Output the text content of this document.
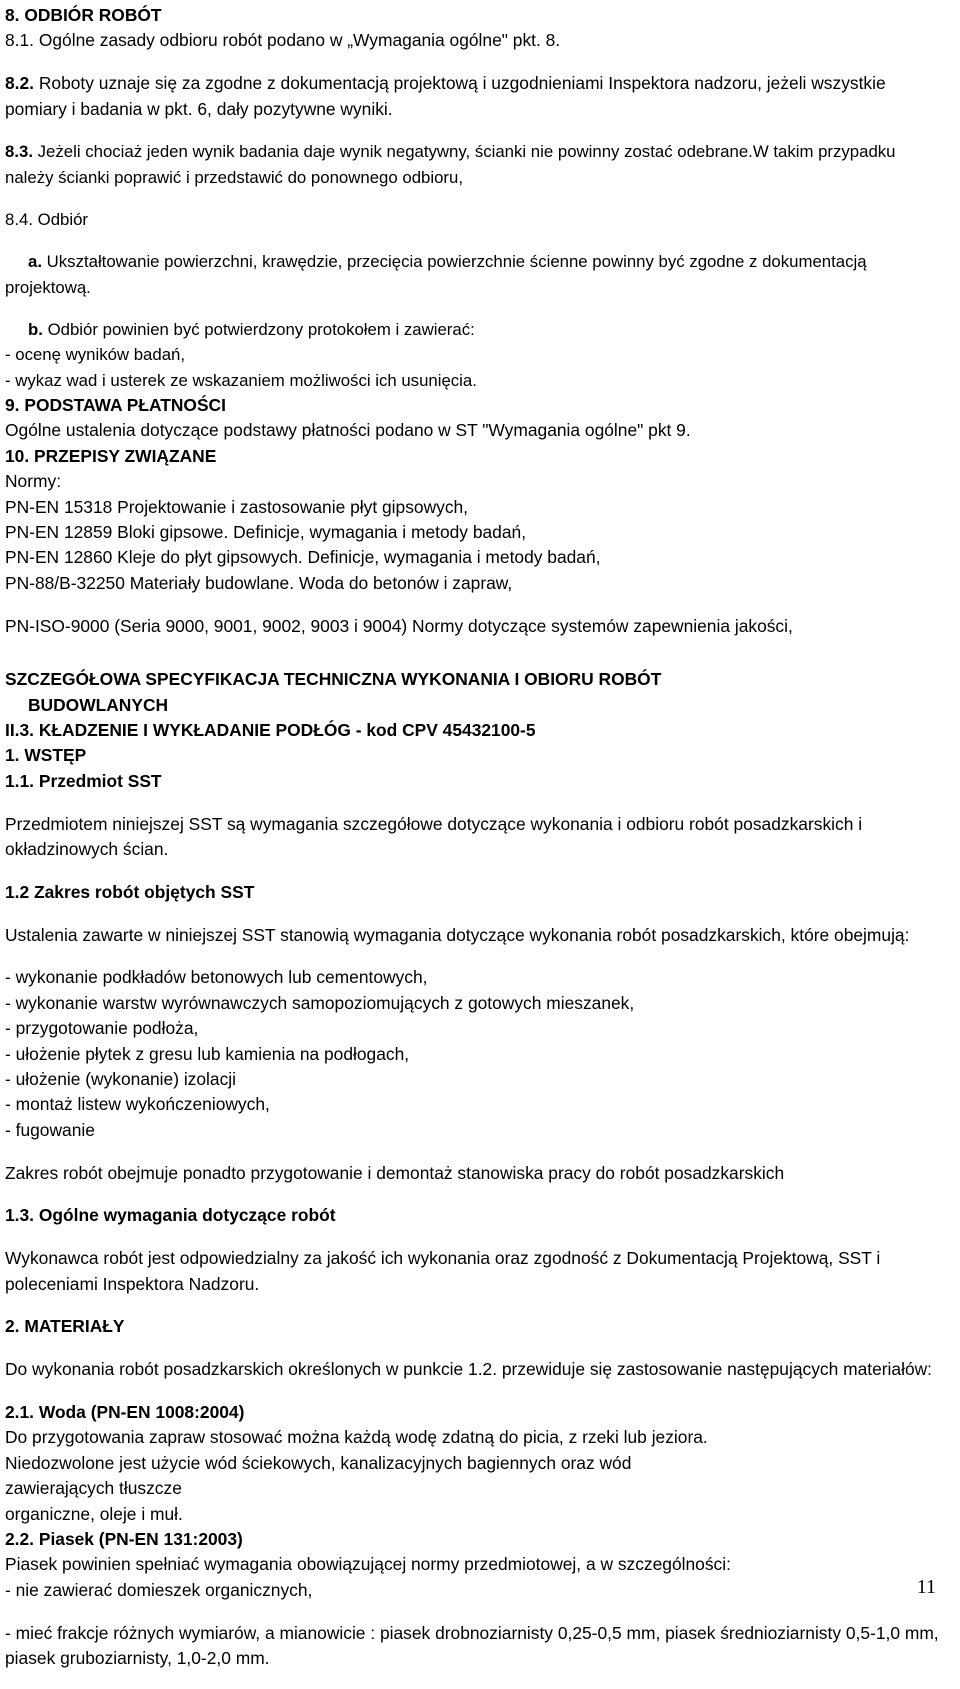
8. ODBIÓR ROBÓT

8.1. Ogólne zasady odbioru robót podano w „Wymagania ogólne" pkt. 8.

8.2. Roboty uznaje się za zgodne z dokumentacją projektową i uzgodnieniami Inspektora nadzoru, jeżeli wszystkie pomiary i badania w pkt. 6, dały pozytywne wyniki.

8.3. Jeżeli chociaż jeden wynik badania daje wynik negatywny, ścianki nie powinny zostać odebrane.W takim przypadku należy ścianki poprawić i przedstawić do ponownego odbioru,

8.4. Odbiór

a. Ukształtowanie powierzchni, krawędzie, przecięcia powierzchnie ścienne powinny być zgodne z dokumentacją projektową.

b. Odbiór powinien być potwierdzony protokołem i zawierać:

- ocenę wyników badań,

- wykaz wad i usterek ze wskazaniem możliwości ich usunięcia.

9. PODSTAWA PŁATNOŚCI

Ogólne ustalenia dotyczące podstawy płatności podano w ST "Wymagania ogólne" pkt 9.

10. PRZEPISY ZWIĄZANE

Normy:

PN-EN 15318 Projektowanie i zastosowanie płyt gipsowych,

PN-EN 12859 Bloki gipsowe. Definicje, wymagania i metody badań,

PN-EN 12860 Kleje do płyt gipsowych. Definicje, wymagania i metody badań,

PN-88/B-32250 Materiały budowlane. Woda do betonów i zapraw,

PN-ISO-9000 (Seria 9000, 9001, 9002, 9003 i 9004) Normy dotyczące systemów zapewnienia jakości,

SZCZEGÓŁOWA SPECYFIKACJA TECHNICZNA WYKONANIA I OBIORU ROBÓT

BUDOWLANYCH

II.3. KŁADZENIE I WYKŁADANIE PODŁÓG - kod CPV 45432100-5

1. WSTĘP

1.1. Przedmiot SST

Przedmiotem niniejszej SST są wymagania szczegółowe dotyczące wykonania i odbioru robót posadzkarskich i okładzinowych ścian.

1.2 Zakres robót objętych SST

Ustalenia zawarte w niniejszej SST stanowią wymagania dotyczące wykonania robót posadzkarskich, które obejmują:

- wykonanie podkładów betonowych lub cementowych,

- wykonanie warstw wyrównawczych samopoziomujących z gotowych mieszanek,

- przygotowanie podłoża,

- ułożenie płytek z gresu lub kamienia na podłogach,

- ułożenie (wykonanie) izolacji

- montaż listew wykończeniowych,

- fugowanie

Zakres robót obejmuje ponadto przygotowanie i demontaż stanowiska pracy do robót posadzkarskich

1.3. Ogólne wymagania dotyczące robót

Wykonawca robót jest odpowiedzialny za jakość ich wykonania oraz zgodność z Dokumentacją Projektową, SST i poleceniami Inspektora Nadzoru.

2. MATERIAŁY

Do wykonania robót posadzkarskich określonych w punkcie 1.2. przewiduje się zastosowanie następujących materiałów:

2.1. Woda (PN-EN 1008:2004)

Do przygotowania zapraw stosować można każdą wodę zdatną do picia, z rzeki lub jeziora.

Niedozwolone jest użycie wód ściekowych, kanalizacyjnych bagiennych oraz wód

zawierających tłuszcze

organiczne, oleje i muł.

2.2. Piasek (PN-EN 131:2003)

Piasek powinien spełniać wymagania obowiązującej normy przedmiotowej, a w szczególności:

- nie zawierać domieszek organicznych,

- mieć frakcje różnych wymiarów, a mianowicie : piasek drobnoziarnisty 0,25-0,5 mm, piasek średnioziarnisty 0,5-1,0 mm, piasek gruboziarnisty, 1,0-2,0 mm.

11
